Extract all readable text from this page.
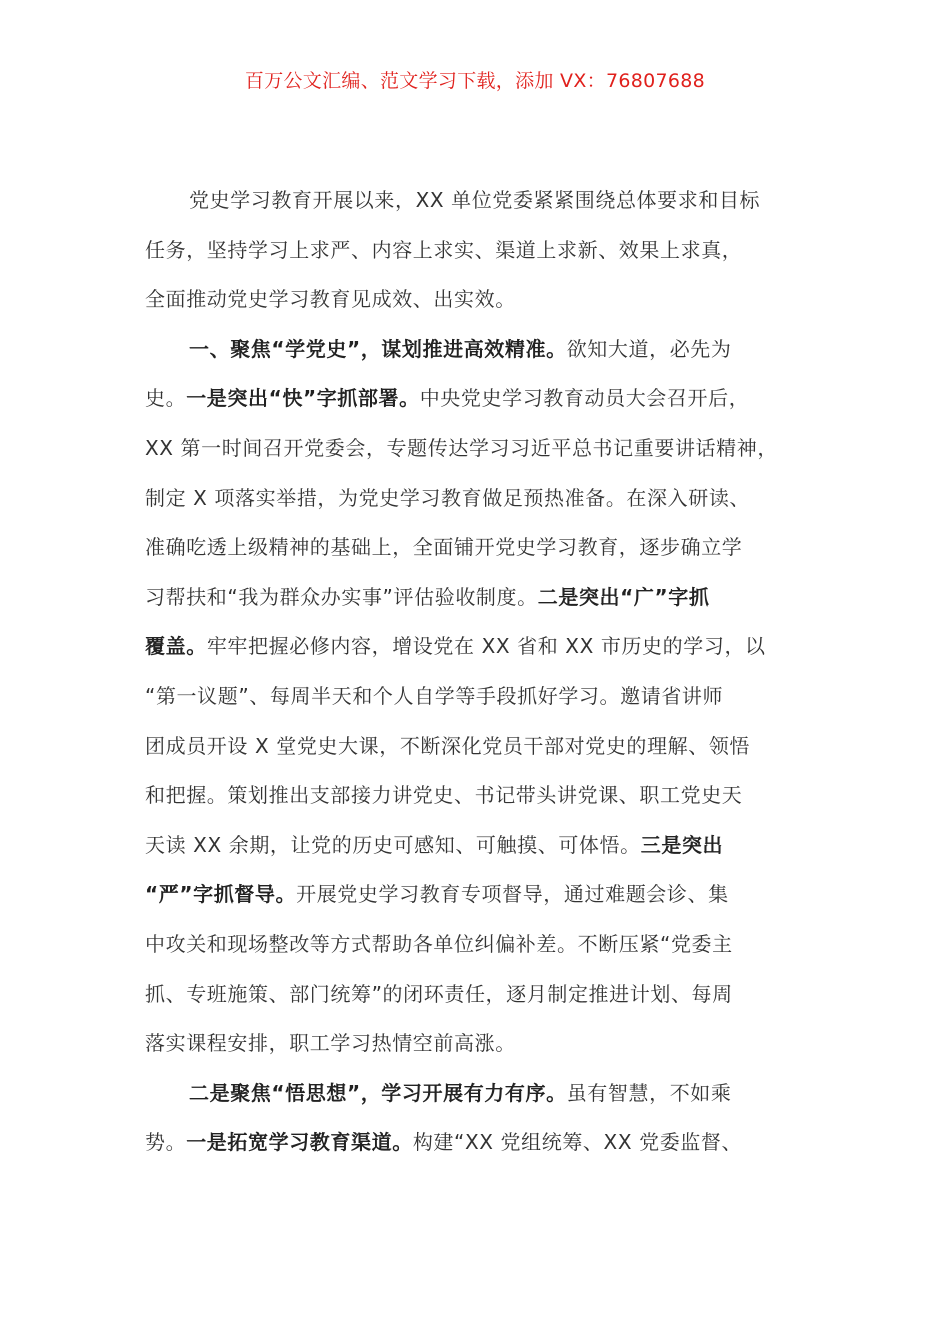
百万公文汇编、范文学习下载，添加 VX：76807688
党史学习教育开展以来，XX 单位党委紧紧围绕总体要求和目标
任务，坚持学习上求严、内容上求实、渠道上求新、效果上求真，
全面推动党史学习教育见成效、出实效。
一、聚焦“学党史”，谋划推进高效精准。欲知大道，必先为
史。一是突出“快”字抓部署。中央党史学习教育动员大会召开后，
XX 第一时间召开党委会，专题传达学习习近平总书记重要讲话精神，
制定 X 项落实举措，为党史学习教育做足预热准备。在深入研读、
准确吃透上级精神的基础上，全面铺开党史学习教育，逐步确立学
习帮扶和“我为群众办实事”评估验收制度。二是突出“广”字抓
覆盖。牢牢把握必修内容，增设党在 XX 省和 XX 市历史的学习，以
“第一议题”、每周半天和个人自学等手段抓好学习。邀请省讲师
团成员开设 X 堂党史大课，不断深化党员干部对党史的理解、领悟
和把握。策划推出支部接力讲党史、书记带头讲党课、职工党史天
天读 XX 余期，让党的历史可感知、可触摸、可体悟。三是突出
“严”字抓督导。开展党史学习教育专项督导，通过难题会诊、集
中攻关和现场整改等方式帮助各单位纠偏补差。不断压紧“党委主
抓、专班施策、部门统筹”的闭环责任，逐月制定推进计划、每周
落实课程安排，职工学习热情空前高涨。
二是聚焦“悟思想”，学习开展有力有序。虽有智慧，不如乘
势。一是拓宽学习教育渠道。构建“XX 党组统筹、XX 党委监督、
